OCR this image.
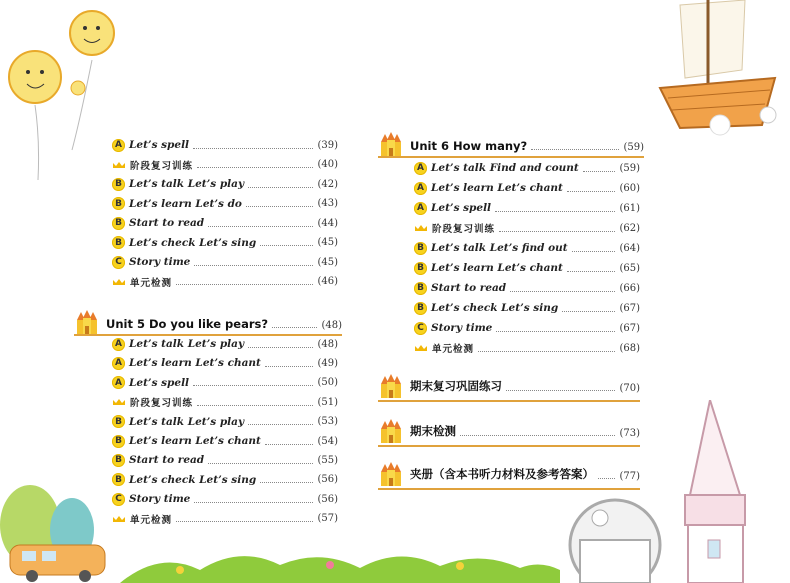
A Let’s spell	(39)
阶段复习训练	(40)
B Let’s talk Let’s play	(42)
B Let’s learn Let’s do	(43)
B Start to read	(44)
B Let’s check Let’s sing	(45)
C Story time	(45)
单元检测	(46)
Unit 5 Do you like pears?	(48)
A Let’s talk Let’s play	(48)
A Let’s learn Let’s chant	(49)
A Let’s spell	(50)
阶段复习训练	(51)
B Let’s talk Let’s play	(53)
B Let’s learn Let’s chant	(54)
B Start to read	(55)
B Let’s check Let’s sing	(56)
C Story time	(56)
单元检测	(57)
Unit 6 How many?	(59)
A Let’s talk Find and count	(59)
A Let’s learn Let’s chant	(60)
A Let’s spell	(61)
阶段复习训练	(62)
B Let’s talk Let’s find out	(64)
B Let’s learn Let’s chant	(65)
B Start to read	(66)
B Let’s check Let’s sing	(67)
C Story time	(67)
单元检测	(68)
期末复习巩固练习	(70)
期末检测	(73)
夹册（含本书听力材料及参考答案）	(77)
